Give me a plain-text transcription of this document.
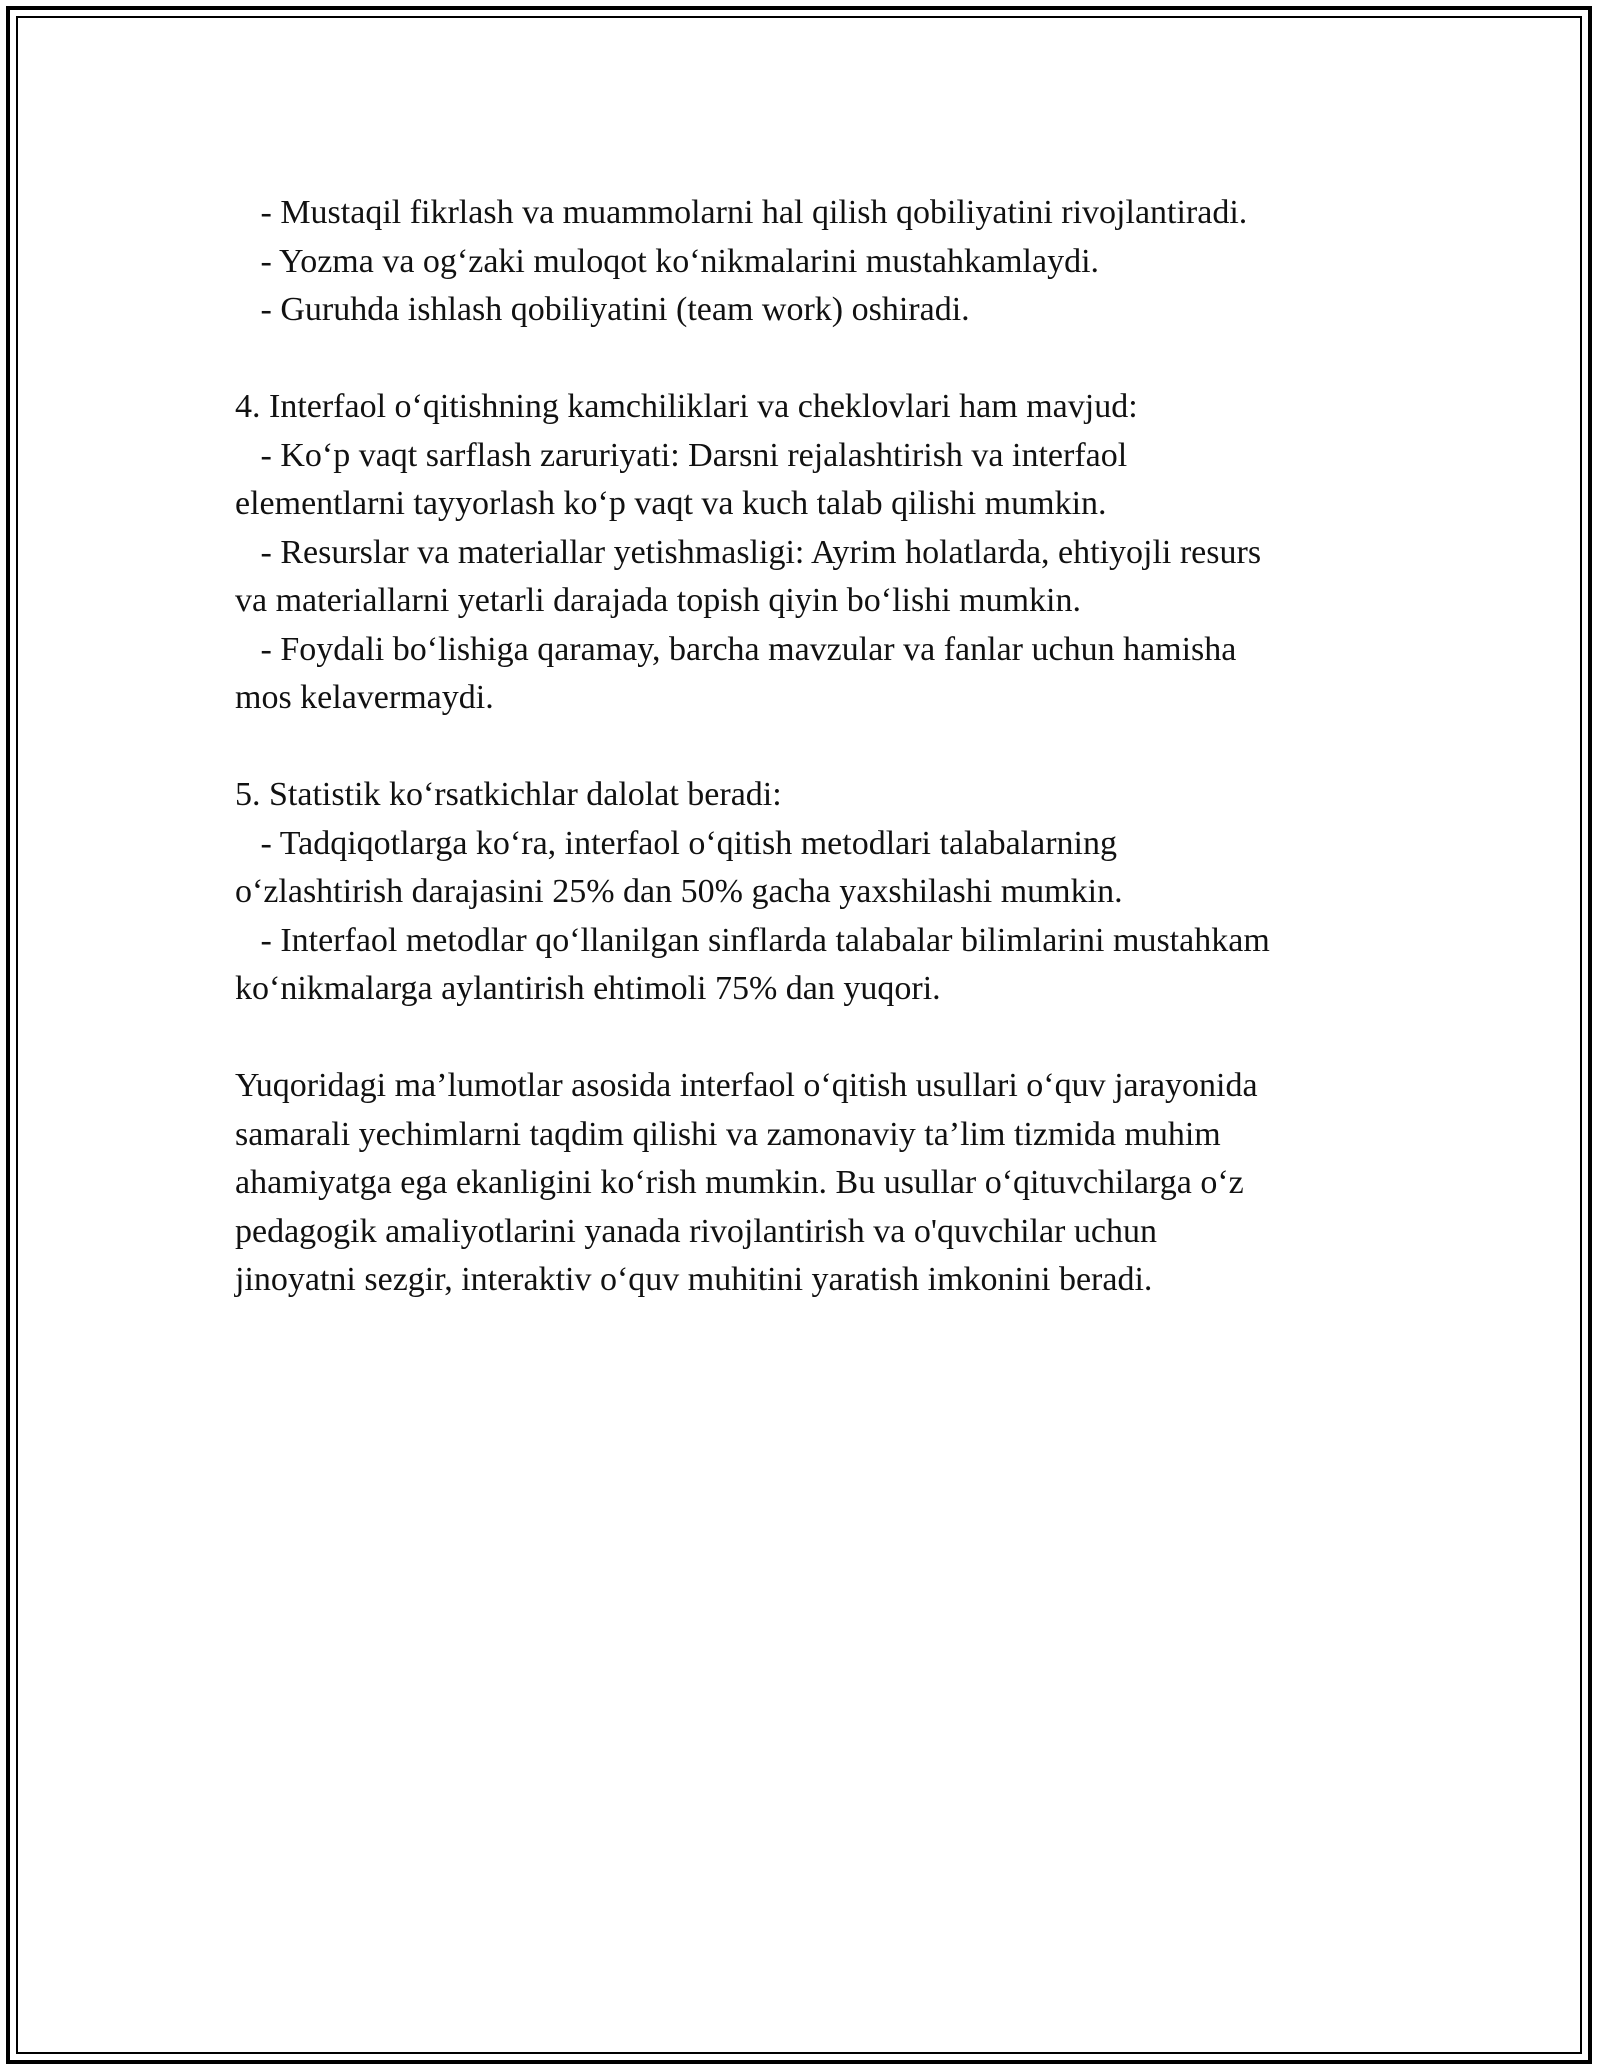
- Mustaqil fikrlash va muammolarni hal qilish qobiliyatini rivojlantiradi.
- Yozma va og‘zaki muloqot ko‘nikmalarini mustahkamlaydi.
- Guruhda ishlash qobiliyatini (team work) oshiradi.
4. Interfaol o‘qitishning kamchiliklari va cheklovlari ham mavjud:
- Ko‘p vaqt sarflash zaruriyati: Darsni rejalashtirish va interfaol
elementlarni tayyorlash ko‘p vaqt va kuch talab qilishi mumkin.
- Resurslar va materiallar yetishmasligi: Ayrim holatlarda, ehtiyojli resurs
va materiallarni yetarli darajada topish qiyin bo‘lishi mumkin.
- Foydali bo‘lishiga qaramay, barcha mavzular va fanlar uchun hamisha
mos kelavermaydi.
5. Statistik ko‘rsatkichlar dalolat beradi:
- Tadqiqotlarga ko‘ra, interfaol o‘qitish metodlari talabalarning
o‘zlashtirish darajasini 25% dan 50% gacha yaxshilashi mumkin.
- Interfaol metodlar qo‘llanilgan sinflarda talabalar bilimlarini mustahkam
ko‘nikmalarga aylantirish ehtimoli 75% dan yuqori.
Yuqoridagi ma’lumotlar asosida interfaol o‘qitish usullari o‘quv jarayonida
samarali yechimlarni taqdim qilishi va zamonaviy ta’lim tizmida muhim
ahamiyatga ega ekanligini ko‘rish mumkin. Bu usullar o‘qituvchilarga o‘z
pedagogik amaliyotlarini yanada rivojlantirish va o'quvchilar uchun
jinoyatni sezgir, interaktiv o‘quv muhitini yaratish imkonini beradi.
